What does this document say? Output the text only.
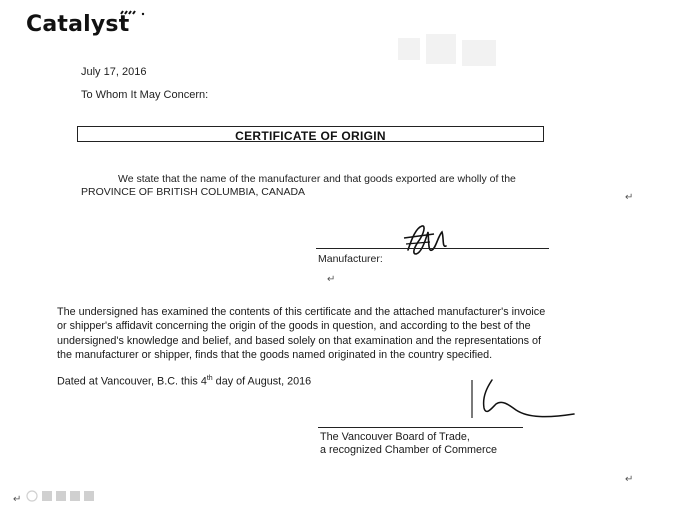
Catalyst
July 17, 2016
To Whom It May Concern:
CERTIFICATE OF ORIGIN
We state that the name of the manufacturer and that goods exported are wholly of the
PROVINCE OF BRITISH COLUMBIA, CANADA	↵
Manufacturer:
↵
The undersigned has examined the contents of this certificate and the attached manufacturer's invoice
or shipper's affidavit concerning the origin of the goods in question, and according to the best of the
undersigned's knowledge and belief, and based solely on that examination and the representations of
the manufacturer or shipper, finds that the goods named originated in the country specified.
Dated at Vancouver, B.C. this 4th day of August, 2016
The Vancouver Board of Trade,
a recognized Chamber of Commerce
↵
↵
